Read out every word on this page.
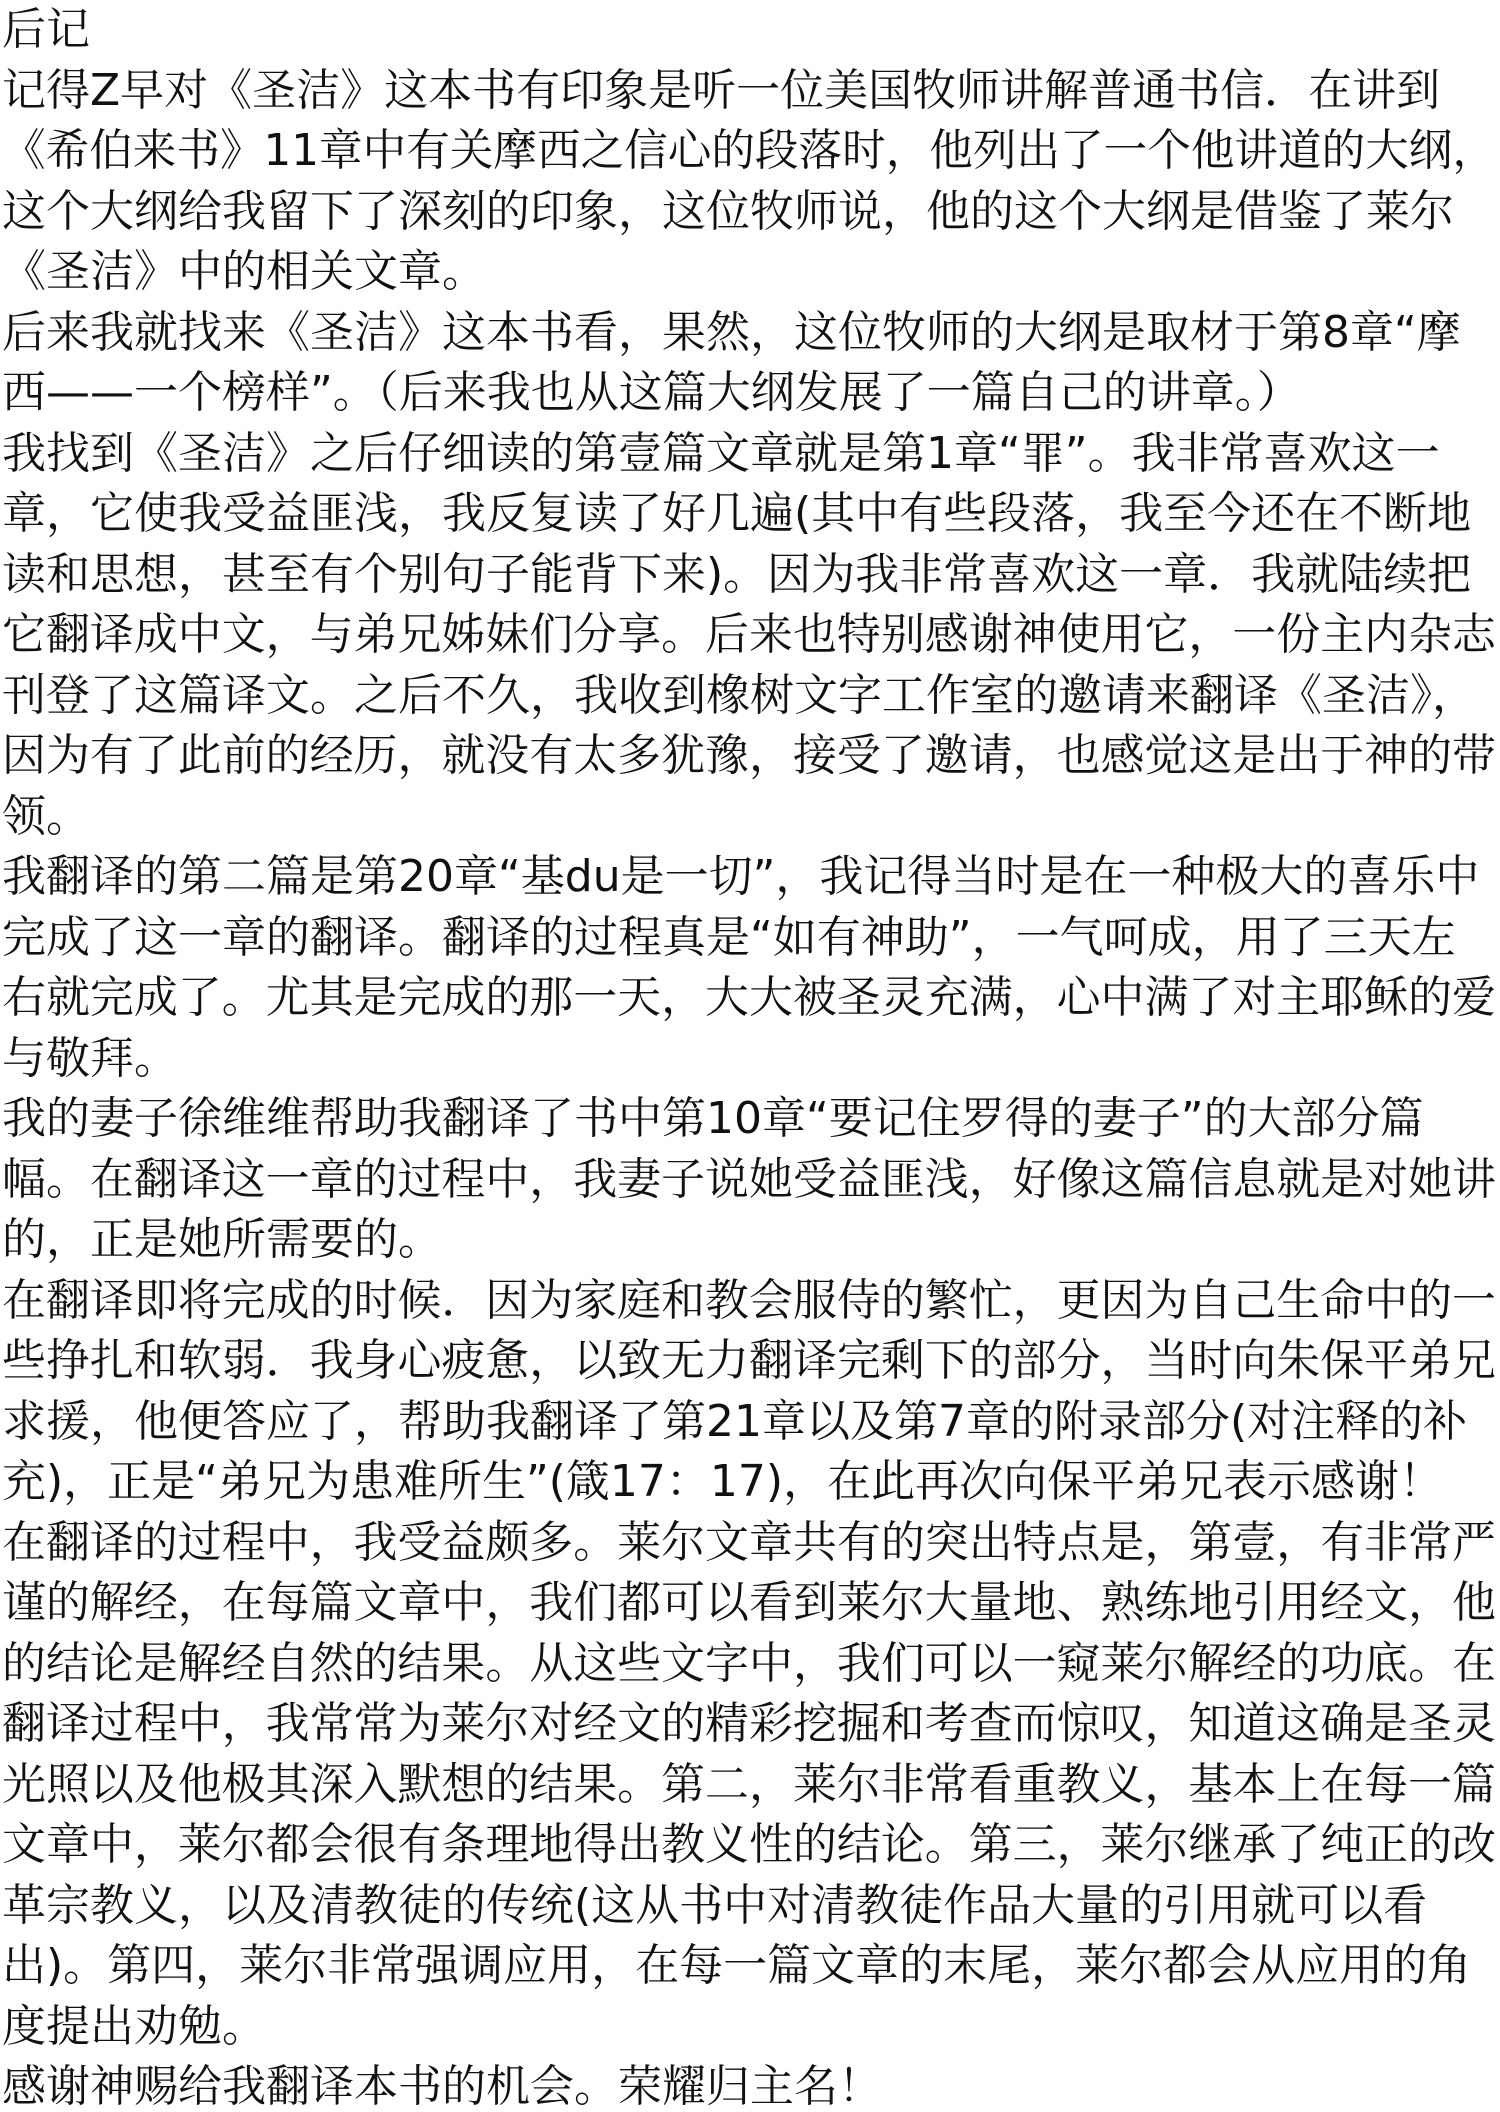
后记
记得Z早对《圣洁》这本书有印象是听一位美国牧师讲解普通书信．在讲到
《希伯来书》11章中有关摩西之信心的段落时，他列出了一个他讲道的大纲，
这个大纲给我留下了深刻的印象，这位牧师说，他的这个大纲是借鉴了莱尔
《圣洁》中的相关文章。
后来我就找来《圣洁》这本书看，果然，这位牧师的大纲是取材于第8章“摩
西——一个榜样”。（后来我也从这篇大纲发展了一篇自己的讲章。）
我找到《圣洁》之后仔细读的第壹篇文章就是第1章“罪”。我非常喜欢这一
章，它使我受益匪浅，我反复读了好几遍(其中有些段落，我至今还在不断地
读和思想，甚至有个别句子能背下来)。因为我非常喜欢这一章．我就陆续把
它翻译成中文，与弟兄姊妹们分享。后来也特别感谢神使用它，一份主内杂志
刊登了这篇译文。之后不久，我收到橡树文字工作室的邀请来翻译《圣洁》，
因为有了此前的经历，就没有太多犹豫，接受了邀请，也感觉这是出于神的带
领。
我翻译的第二篇是第20章“基du是一切”，我记得当时是在一种极大的喜乐中
完成了这一章的翻译。翻译的过程真是“如有神助”，一气呵成，用了三天左
右就完成了。尤其是完成的那一天，大大被圣灵充满，心中满了对主耶稣的爱
与敬拜。
我的妻子徐维维帮助我翻译了书中第10章“要记住罗得的妻子”的大部分篇
幅。在翻译这一章的过程中，我妻子说她受益匪浅，好像这篇信息就是对她讲
的，正是她所需要的。
在翻译即将完成的时候．因为家庭和教会服侍的繁忙，更因为自己生命中的一
些挣扎和软弱．我身心疲惫，以致无力翻译完剩下的部分，当时向朱保平弟兄
求援，他便答应了，帮助我翻译了第21章以及第7章的附录部分(对注释的补
充)，正是“弟兄为患难所生”(箴17：17)，在此再次向保平弟兄表示感谢！
在翻译的过程中，我受益颇多。莱尔文章共有的突出特点是，第壹，有非常严
谨的解经，在每篇文章中，我们都可以看到莱尔大量地、熟练地引用经文，他
的结论是解经自然的结果。从这些文字中，我们可以一窥莱尔解经的功底。在
翻译过程中，我常常为莱尔对经文的精彩挖掘和考查而惊叹，知道这确是圣灵
光照以及他极其深入默想的结果。第二，莱尔非常看重教义，基本上在每一篇
文章中，莱尔都会很有条理地得出教义性的结论。第三，莱尔继承了纯正的改
革宗教义，以及清教徒的传统(这从书中对清教徒作品大量的引用就可以看
出)。第四，莱尔非常强调应用，在每一篇文章的末尾，莱尔都会从应用的角
度提出劝勉。
感谢神赐给我翻译本书的机会。荣耀归主名！
